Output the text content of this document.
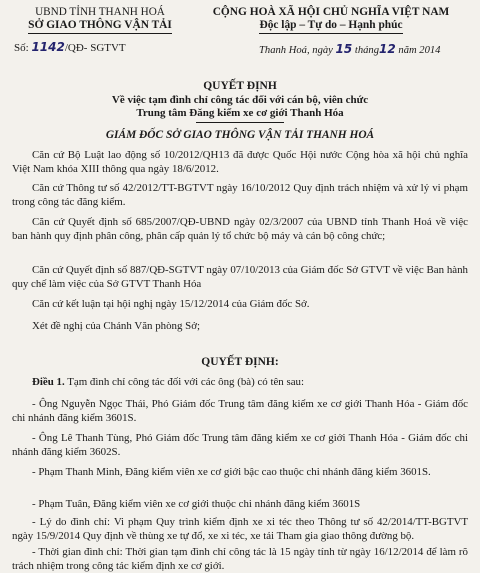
UBND TỈNH THANH HOÁ
SỞ GIAO THÔNG VẬN TẢI
CỘNG HOÀ XÃ HỘI CHỦ NGHĨA VIỆT NAM
Độc lập – Tự do – Hạnh phúc
Số: 1142/QĐ- SGTVT	Thanh Hoá, ngày 15 tháng12 năm 2014
QUYẾT ĐỊNH
Về việc tạm đình chỉ công tác đối với cán bộ, viên chức
Trung tâm Đăng kiểm xe cơ giới Thanh Hóa
GIÁM ĐỐC SỞ GIAO THÔNG VẬN TẢI THANH HOÁ
Căn cứ Bộ Luật lao động số 10/2012/QH13 đã được Quốc Hội nước Cộng hòa xã hội chủ nghĩa Việt Nam khóa XIII thông qua ngày 18/6/2012.
Căn cứ Thông tư số 42/2012/TT-BGTVT ngày 16/10/2012 Quy định trách nhiệm và xử lý vi phạm trong công tác đăng kiểm.
Căn cứ Quyết định số 685/2007/QĐ-UBND ngày 02/3/2007 của UBND tỉnh Thanh Hoá về việc ban hành quy định phân công, phân cấp quản lý tổ chức bộ máy và cán bộ công chức;
Căn cứ Quyết định số 887/QĐ-SGTVT ngày 07/10/2013 của Giám đốc Sở GTVT về việc Ban hành quy chế làm việc của Sở GTVT Thanh Hóa
Căn cứ kết luận tại hội nghị ngày 15/12/2014 của Giám đốc Sở.
Xét đề nghị của Chánh Văn phòng Sở;
QUYẾT ĐỊNH:
Điều 1. Tạm đình chỉ công tác đối với các ông (bà) có tên sau:
- Ông Nguyễn Ngọc Thái, Phó Giám đốc Trung tâm đăng kiểm xe cơ giới Thanh Hóa - Giám đốc chi nhánh đăng kiểm 3601S.
- Ông Lê Thanh Tùng, Phó Giám đốc Trung tâm đăng kiểm xe cơ giới Thanh Hóa - Giám đốc chi nhánh đăng kiểm 3602S.
- Phạm Thanh Minh, Đăng kiểm viên xe cơ giới bậc cao thuộc chi nhánh đăng kiểm 3601S.
- Phạm Tuân, Đăng kiểm viên xe cơ giới thuộc chi nhánh đăng kiểm 3601S
- Lý do đình chỉ: Vi phạm Quy trình kiểm định xe xi téc theo Thông tư số 42/2014/TT-BGTVT ngày 15/9/2014 Quy định về thùng xe tự đổ, xe xi téc, xe tải Tham gia giao thông đường bộ.
- Thời gian đình chỉ: Thời gian tạm đình chỉ công tác là 15 ngày tính từ ngày 16/12/2014 để làm rõ trách nhiệm trong công tác kiểm định xe cơ giới.
